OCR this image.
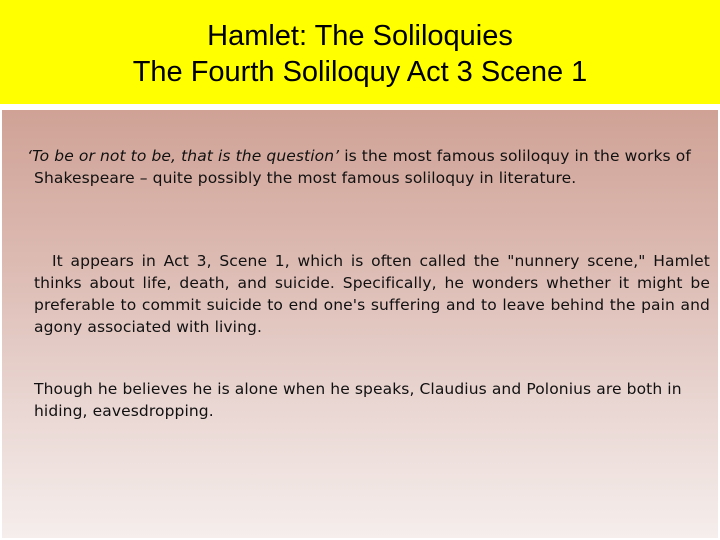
Hamlet: The Soliloquies
The Fourth Soliloquy Act 3 Scene 1

‘To be or not to be, that is the question’ is the most famous soliloquy in the works of Shakespeare – quite possibly the most famous soliloquy in literature.

It appears in Act 3, Scene 1, which is often called the "nunnery scene," Hamlet thinks about life, death, and suicide. Specifically, he wonders whether it might be preferable to commit suicide to end one's suffering and to leave behind the pain and agony associated with living.

Though he believes he is alone when he speaks, Claudius and Polonius are both in hiding, eavesdropping.
